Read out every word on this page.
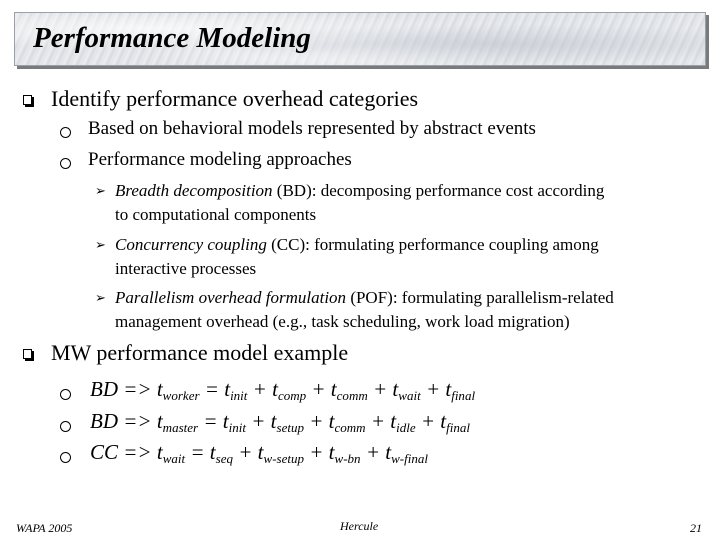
Performance Modeling
Identify performance overhead categories
Based on behavioral models represented by abstract events
Performance modeling approaches
➢ Breadth decomposition (BD): decomposing performance cost according
to computational components
➢ Concurrency coupling (CC): formulating performance coupling among
interactive processes
➢ Parallelism overhead formulation (POF): formulating parallelism-related
management overhead (e.g., task scheduling, work load migration)
MW performance model example
BD => $t_{worker} = t_{init} + t_{comp} + t_{comm} + t_{wait} + t_{final}$
BD => $t_{master} = t_{init} + t_{setup} + t_{comm} + t_{idle} + t_{final}$
CC => $t_{wait} = t_{seq} + t_{w-setup} + t_{w-bn} + t_{w-final}$
WAPA 2005	Hercule	21
